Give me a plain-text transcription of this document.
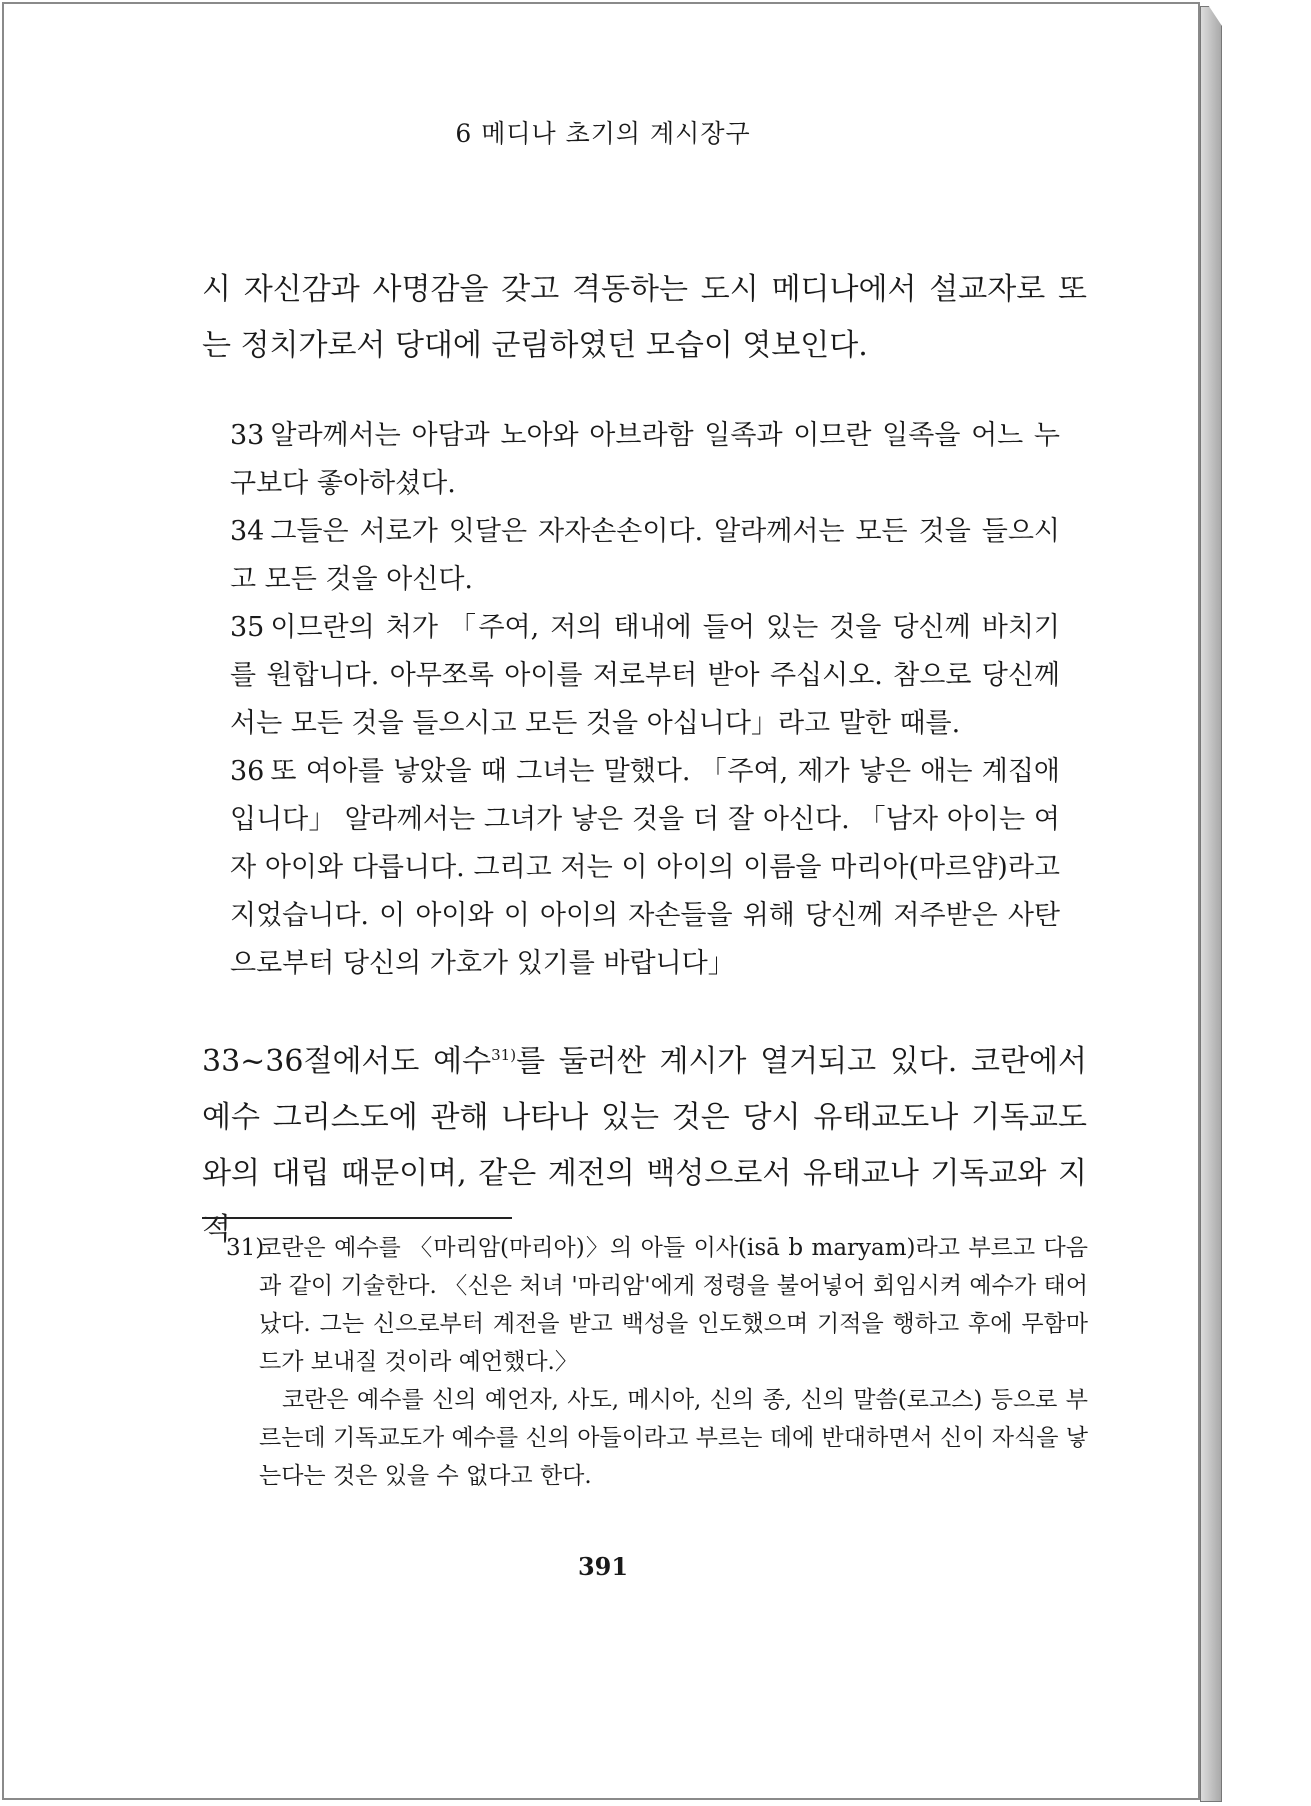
6 메디나 초기의 계시장구

시 자신감과 사명감을 갖고 격동하는 도시 메디나에서 설교자로 또는 정치가로서 당대에 군림하였던 모습이 엿보인다.

33 알라께서는 아담과 노아와 아브라함 일족과 이므란 일족을 어느 누구보다 좋아하셨다.

34 그들은 서로가 잇달은 자자손손이다. 알라께서는 모든 것을 들으시고 모든 것을 아신다.

35 이므란의 처가 「주여, 저의 태내에 들어 있는 것을 당신께 바치기를 원합니다. 아무쪼록 아이를 저로부터 받아 주십시오. 참으로 당신께서는 모든 것을 들으시고 모든 것을 아십니다」라고 말한 때를.

36 또 여아를 낳았을 때 그녀는 말했다. 「주여, 제가 낳은 애는 계집애입니다」 알라께서는 그녀가 낳은 것을 더 잘 아신다. 「남자 아이는 여자 아이와 다릅니다. 그리고 저는 이 아이의 이름을 마리아(마르얌)라고 지었습니다. 이 아이와 이 아이의 자손들을 위해 당신께 저주받은 사탄으로부터 당신의 가호가 있기를 바랍니다」

33~36절에서도 예수$^{31)}$를 둘러싼 계시가 열거되고 있다. 코란에서 예수 그리스도에 관해 나타나 있는 것은 당시 유태교도나 기독교도와의 대립 때문이며, 같은 계전의 백성으로서 유태교나 기독교와 지적

31)코란은 예수를 〈마리암(마리아)〉의 아들 이사(isā b maryam)라고 부르고 다음과 같이 기술한다. 〈신은 처녀 '마리암'에게 정령을 불어넣어 회임시켜 예수가 태어났다. 그는 신으로부터 계전을 받고 백성을 인도했으며 기적을 행하고 후에 무함마드가 보내질 것이라 예언했다.〉

 코란은 예수를 신의 예언자, 사도, 메시아, 신의 종, 신의 말씀(로고스) 등으로 부르는데 기독교도가 예수를 신의 아들이라고 부르는 데에 반대하면서 신이 자식을 낳는다는 것은 있을 수 없다고 한다.

391
